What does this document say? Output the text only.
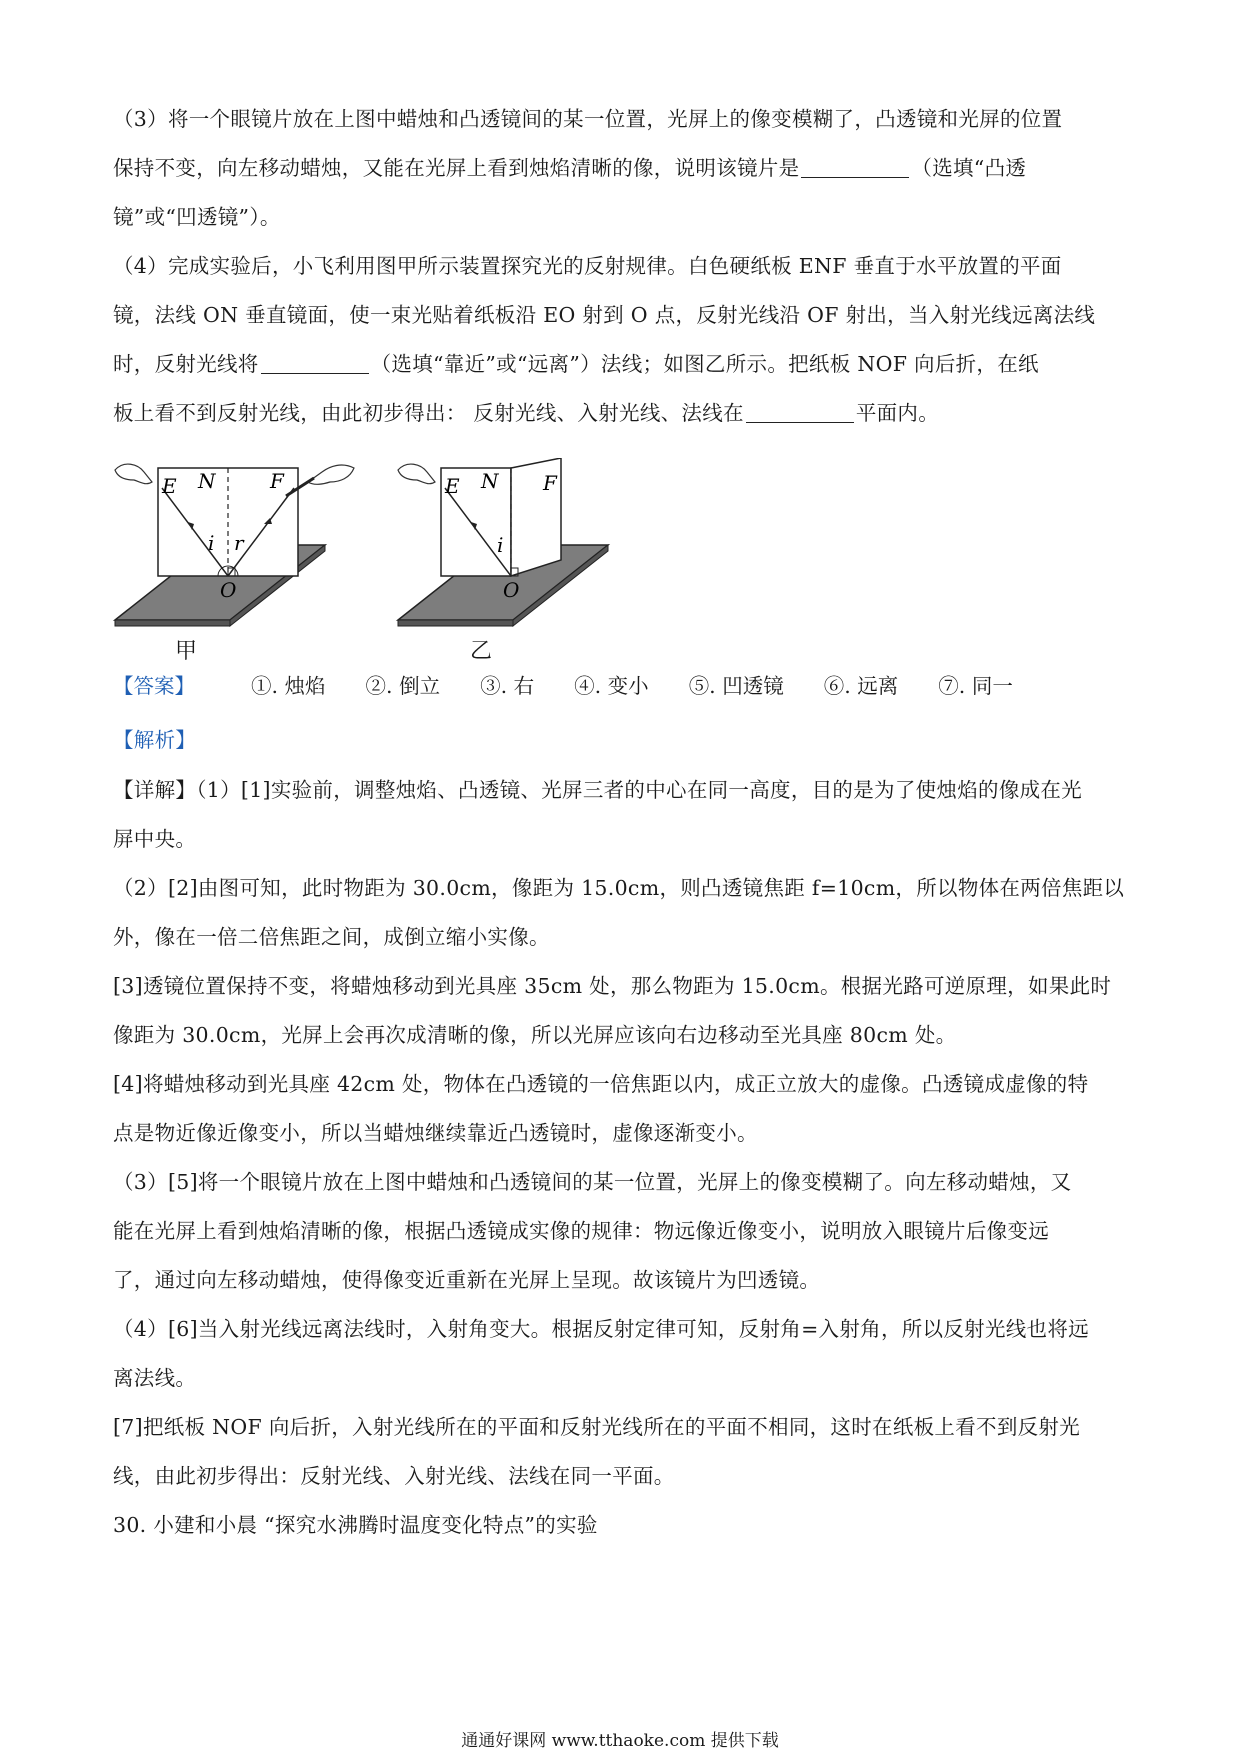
（3）将一个眼镜片放在上图中蜡烛和凸透镜间的某一位置，光屏上的像变模糊了，凸透镜和光屏的位置

保持不变，向左移动蜡烛，又能在光屏上看到烛焰清晰的像，说明该镜片是	（选填“凸透

镜”或“凹透镜”）。

（4）完成实验后，小飞利用图甲所示装置探究光的反射规律。白色硬纸板 ENF 垂直于水平放置的平面

镜，法线 ON 垂直镜面，使一束光贴着纸板沿 EO 射到 O 点，反射光线沿 OF 射出，当入射光线远离法线

时，反射光线将	（选填“靠近”或“远离”）法线；如图乙所示。把纸板 NOF 向后折，在纸

板上看不到反射光线，由此初步得出： 反射光线、入射光线、法线在	平面内。

E N	F
i r
O
甲
E N F
i
O
乙
【答案】	①. 烛焰 ②. 倒立 ③. 右 ④. 变小 ⑤. 凹透镜 ⑥. 远离 ⑦. 同一
【解析】

【详解】（1）[1]实验前，调整烛焰、凸透镜、光屏三者的中心在同一高度，目的是为了使烛焰的像成在光

屏中央。

（2）[2]由图可知，此时物距为 30.0cm，像距为 15.0cm，则凸透镜焦距 f=10cm，所以物体在两倍焦距以

外，像在一倍二倍焦距之间，成倒立缩小实像。

[3]透镜位置保持不变，将蜡烛移动到光具座 35cm 处，那么物距为 15.0cm。根据光路可逆原理，如果此时

像距为 30.0cm，光屏上会再次成清晰的像，所以光屏应该向右边移动至光具座 80cm 处。

[4]将蜡烛移动到光具座 42cm 处，物体在凸透镜的一倍焦距以内，成正立放大的虚像。凸透镜成虚像的特

点是物近像近像变小，所以当蜡烛继续靠近凸透镜时，虚像逐渐变小。

（3）[5]将一个眼镜片放在上图中蜡烛和凸透镜间的某一位置，光屏上的像变模糊了。向左移动蜡烛，又

能在光屏上看到烛焰清晰的像，根据凸透镜成实像的规律：物远像近像变小，说明放入眼镜片后像变远

了，通过向左移动蜡烛，使得像变近重新在光屏上呈现。故该镜片为凹透镜。

（4）[6]当入射光线远离法线时，入射角变大。根据反射定律可知，反射角=入射角，所以反射光线也将远

离法线。

[7]把纸板 NOF 向后折，入射光线所在的平面和反射光线所在的平面不相同，这时在纸板上看不到反射光

线，由此初步得出：反射光线、入射光线、法线在同一平面。

30. 小建和小晨 “探究水沸腾时温度变化特点”的实验

通通好课网 www.tthaoke.com 提供下载
